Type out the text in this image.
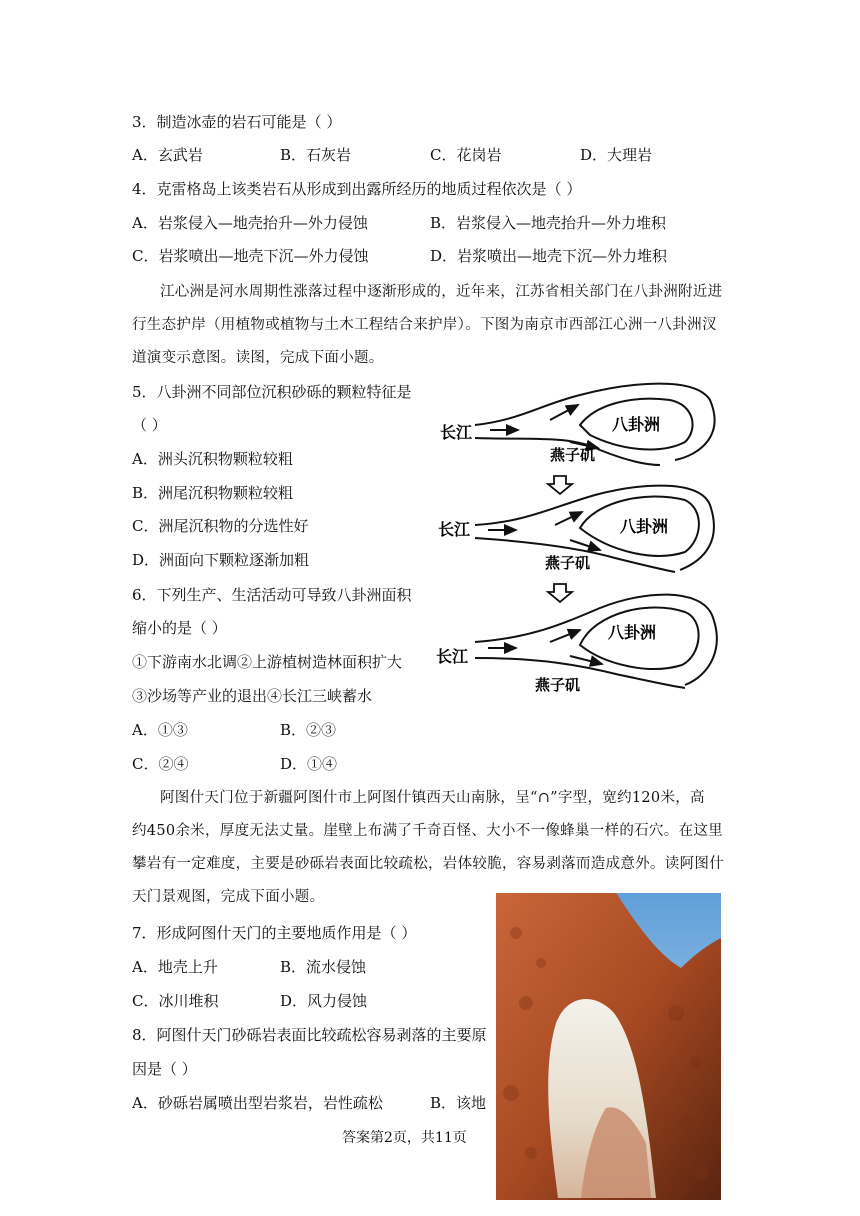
3．制造冰壶的岩石可能是（ ）
A．玄武岩	B．石灰岩	C．花岗岩	D．大理岩
4．克雷格岛上该类岩石从形成到出露所经历的地质过程依次是（ ）
A．岩浆侵入—地壳抬升—外力侵蚀	B．岩浆侵入—地壳抬升—外力堆积
C．岩浆喷出—地壳下沉—外力侵蚀	D．岩浆喷出—地壳下沉—外力堆积
江心洲是河水周期性涨落过程中逐渐形成的，近年来，江苏省相关部门在八卦洲附近进
行生态护岸（用植物或植物与土木工程结合来护岸）。下图为南京市西部江心洲一八卦洲汊
道演变示意图。读图，完成下面小题。
5．八卦洲不同部位沉积砂砾的颗粒特征是
（ ）
A．洲头沉积物颗粒较粗
B．洲尾沉积物颗粒较粗
C．洲尾沉积物的分选性好
D．洲面向下颗粒逐渐加粗
6．下列生产、生活活动可导致八卦洲面积
缩小的是（ ）
①下游南水北调②上游植树造林面积扩大
③沙场等产业的退出④长江三峡蓄水
A．①③	B．②③
C．②④	D．①④
长江	八卦洲
燕子矶
长江	八卦洲
燕子矶
长江
八卦洲
燕子矶
阿图什天门位于新疆阿图什市上阿图什镇西天山南脉，呈“∩”字型，宽约120米，高
约450余米，厚度无法丈量。崖壁上布满了千奇百怪、大小不一像蜂巢一样的石穴。在这里
攀岩有一定难度，主要是砂砾岩表面比较疏松，岩体较脆，容易剥落而造成意外。读阿图什
天门景观图，完成下面小题。
7．形成阿图什天门的主要地质作用是（ ）
A．地壳上升	B．流水侵蚀
C．冰川堆积	D．风力侵蚀
8．阿图什天门砂砾岩表面比较疏松容易剥落的主要原
因是（ ）
A．砂砾岩属喷出型岩浆岩，岩性疏松	B．该地
答案第2页，共11页
